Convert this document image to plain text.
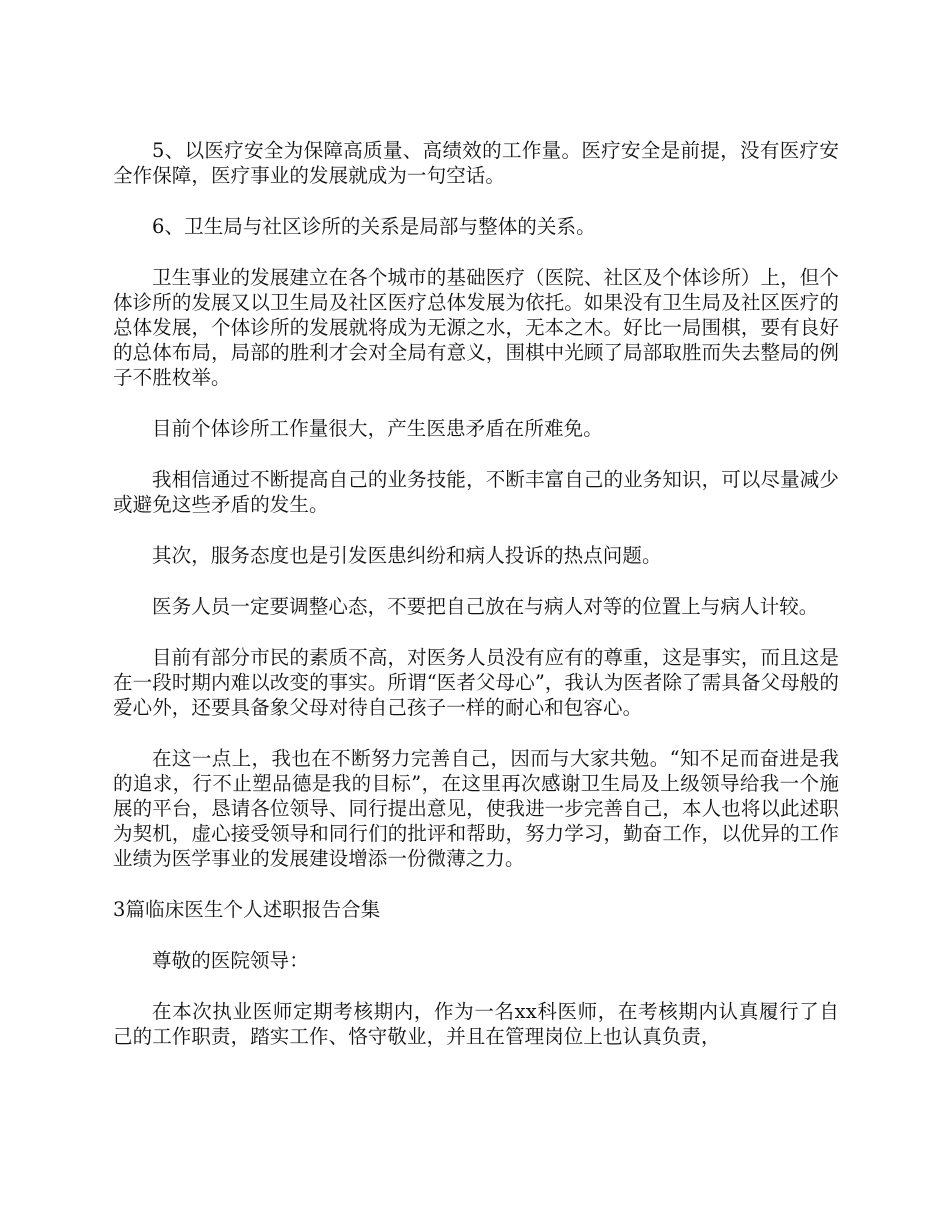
5、以医疗安全为保障高质量、高绩效的工作量。医疗安全是前提，没有医疗安全作保障，医疗事业的发展就成为一句空话。

6、卫生局与社区诊所的关系是局部与整体的关系。

卫生事业的发展建立在各个城市的基础医疗（医院、社区及个体诊所）上，但个体诊所的发展又以卫生局及社区医疗总体发展为依托。如果没有卫生局及社区医疗的总体发展，个体诊所的发展就将成为无源之水，无本之木。好比一局围棋，要有良好的总体布局，局部的胜利才会对全局有意义，围棋中光顾了局部取胜而失去整局的例子不胜枚举。

目前个体诊所工作量很大，产生医患矛盾在所难免。

我相信通过不断提高自己的业务技能，不断丰富自己的业务知识，可以尽量减少或避免这些矛盾的发生。

其次，服务态度也是引发医患纠纷和病人投诉的热点问题。

医务人员一定要调整心态，不要把自己放在与病人对等的位置上与病人计较。

目前有部分市民的素质不高，对医务人员没有应有的尊重，这是事实，而且这是在一段时期内难以改变的事实。所谓“医者父母心”，我认为医者除了需具备父母般的爱心外，还要具备象父母对待自己孩子一样的耐心和包容心。

在这一点上，我也在不断努力完善自己，因而与大家共勉。“知不足而奋进是我的追求，行不止塑品德是我的目标”，在这里再次感谢卫生局及上级领导给我一个施展的平台，恳请各位领导、同行提出意见，使我进一步完善自己，本人也将以此述职为契机，虚心接受领导和同行们的批评和帮助，努力学习，勤奋工作，以优异的工作业绩为医学事业的发展建设增添一份微薄之力。

3篇临床医生个人述职报告合集

尊敬的医院领导：

在本次执业医师定期考核期内，作为一名xx科医师，在考核期内认真履行了自己的工作职责，踏实工作、恪守敬业，并且在管理岗位上也认真负责，
